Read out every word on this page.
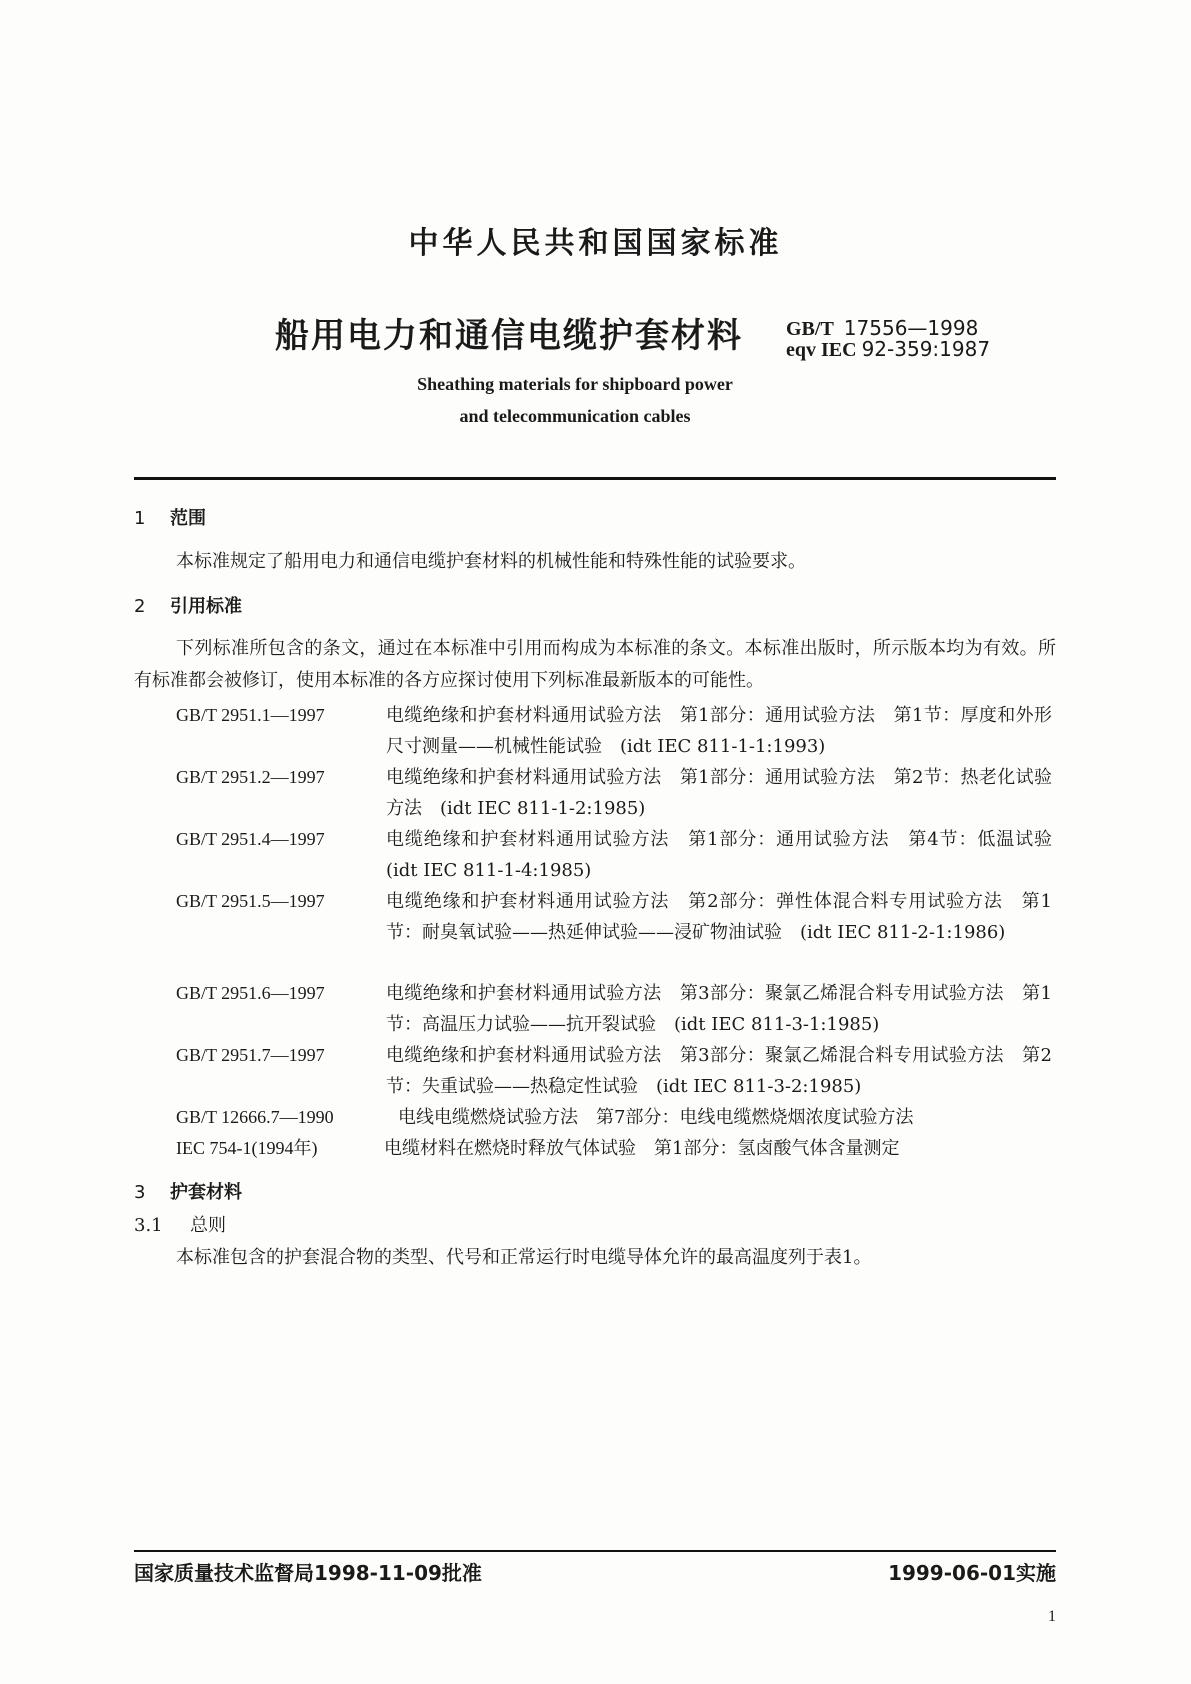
中华人民共和国国家标准
船用电力和通信电缆护套材料 GB/T 17556—1998
eqv IEC 92-359:1987
Sheathing materials for shipboard power
and telecommunication cables
1 范围
本标准规定了船用电力和通信电缆护套材料的机械性能和特殊性能的试验要求。
2 引用标准
下列标准所包含的条文，通过在本标准中引用而构成为本标准的条文。本标准出版时，所示版本均为有效。所有标准都会被修订，使用本标准的各方应探讨使用下列标准最新版本的可能性。
GB/T 2951.1—1997	电缆绝缘和护套材料通用试验方法　第1部分：通用试验方法　第1节：厚度和外形尺寸测量——机械性能试验　(idt IEC 811-1-1:1993)
GB/T 2951.2—1997	电缆绝缘和护套材料通用试验方法　第1部分：通用试验方法　第2节：热老化试验方法　(idt IEC 811-1-2:1985)
GB/T 2951.4—1997	电缆绝缘和护套材料通用试验方法　第1部分：通用试验方法　第4节：低温试验　(idt IEC 811-1-4:1985)
GB/T 2951.5—1997	电缆绝缘和护套材料通用试验方法　第2部分：弹性体混合料专用试验方法　第1节：耐臭氧试验——热延伸试验——浸矿物油试验　(idt IEC 811-2-1:1986)
GB/T 2951.6—1997	电缆绝缘和护套材料通用试验方法　第3部分：聚氯乙烯混合料专用试验方法　第1节：高温压力试验——抗开裂试验　(idt IEC 811-3-1:1985)
GB/T 2951.7—1997	电缆绝缘和护套材料通用试验方法　第3部分：聚氯乙烯混合料专用试验方法　第2节：失重试验——热稳定性试验　(idt IEC 811-3-2:1985)
GB/T 12666.7—1990	电线电缆燃烧试验方法　第7部分：电线电缆燃烧烟浓度试验方法
IEC 754-1(1994年)	电缆材料在燃烧时释放气体试验　第1部分：氢卤酸气体含量测定
3 护套材料
3.1 总则
本标准包含的护套混合物的类型、代号和正常运行时电缆导体允许的最高温度列于表1。
国家质量技术监督局1998-11-09批准	1999-06-01实施
1
